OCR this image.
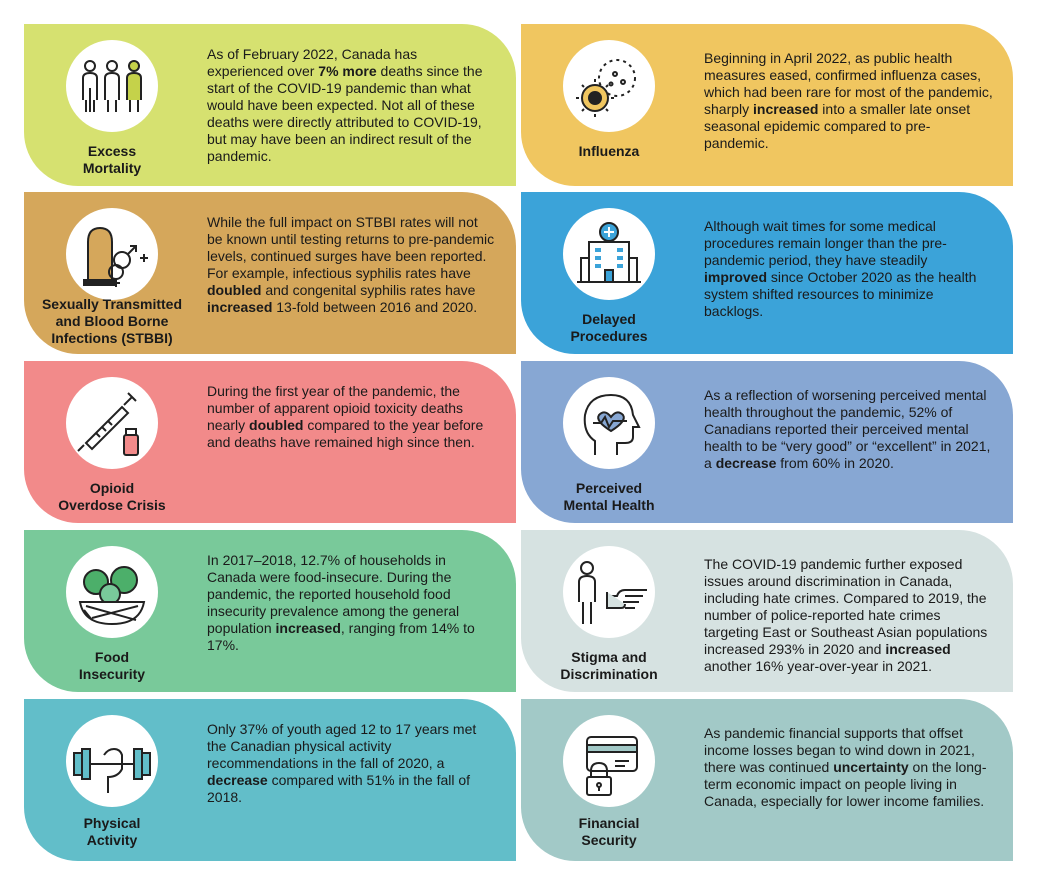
Excess
Mortality
As of February 2022, Canada has experienced over 7% more deaths since the start of the COVID-19 pandemic than what would have been expected. Not all of these deaths were directly attributed to COVID-19, but may have been an indirect result of the pandemic.	Influenza
Beginning in April 2022, as public health measures eased, confirmed influenza cases, which had been rare for most of the pandemic, sharply increased into a smaller late onset seasonal epidemic compared to pre-pandemic.
Sexually Transmitted
and Blood Borne
Infections (STBBI)
While the full impact on STBBI rates will not be known until testing returns to pre-pandemic levels, continued surges have been reported. For example, infectious syphilis rates have doubled and congenital syphilis rates have increased 13-fold between 2016 and 2020.
Delayed
Procedures
Although wait times for some medical procedures remain longer than the pre-pandemic period, they have steadily improved since October 2020 as the health system shifted resources to minimize backlogs.
Opioid
Overdose Crisis
During the first year of the pandemic, the number of apparent opioid toxicity deaths nearly doubled compared to the year before and deaths have remained high since then.
Perceived
Mental Health
As a reflection of worsening perceived mental health throughout the pandemic, 52% of Canadians reported their perceived mental health to be “very good” or “excellent” in 2021, a decrease from 60% in 2020.
Food
Insecurity
In 2017–2018, 12.7% of households in Canada were food-insecure. During the pandemic, the reported household food insecurity prevalence among the general population increased, ranging from 14% to 17%.
Stigma and
Discrimination
The COVID-19 pandemic further exposed issues around discrimination in Canada, including hate crimes. Compared to 2019, the number of police-reported hate crimes targeting East or Southeast Asian populations increased 293% in 2020 and increased another 16% year-over-year in 2021.
Physical
Activity
Only 37% of youth aged 12 to 17 years met the Canadian physical activity recommendations in the fall of 2020, a decrease compared with 51% in the fall of 2018.
Financial
Security
As pandemic financial supports that offset income losses began to wind down in 2021, there was continued uncertainty on the long-term economic impact on people living in Canada, especially for lower income families.
